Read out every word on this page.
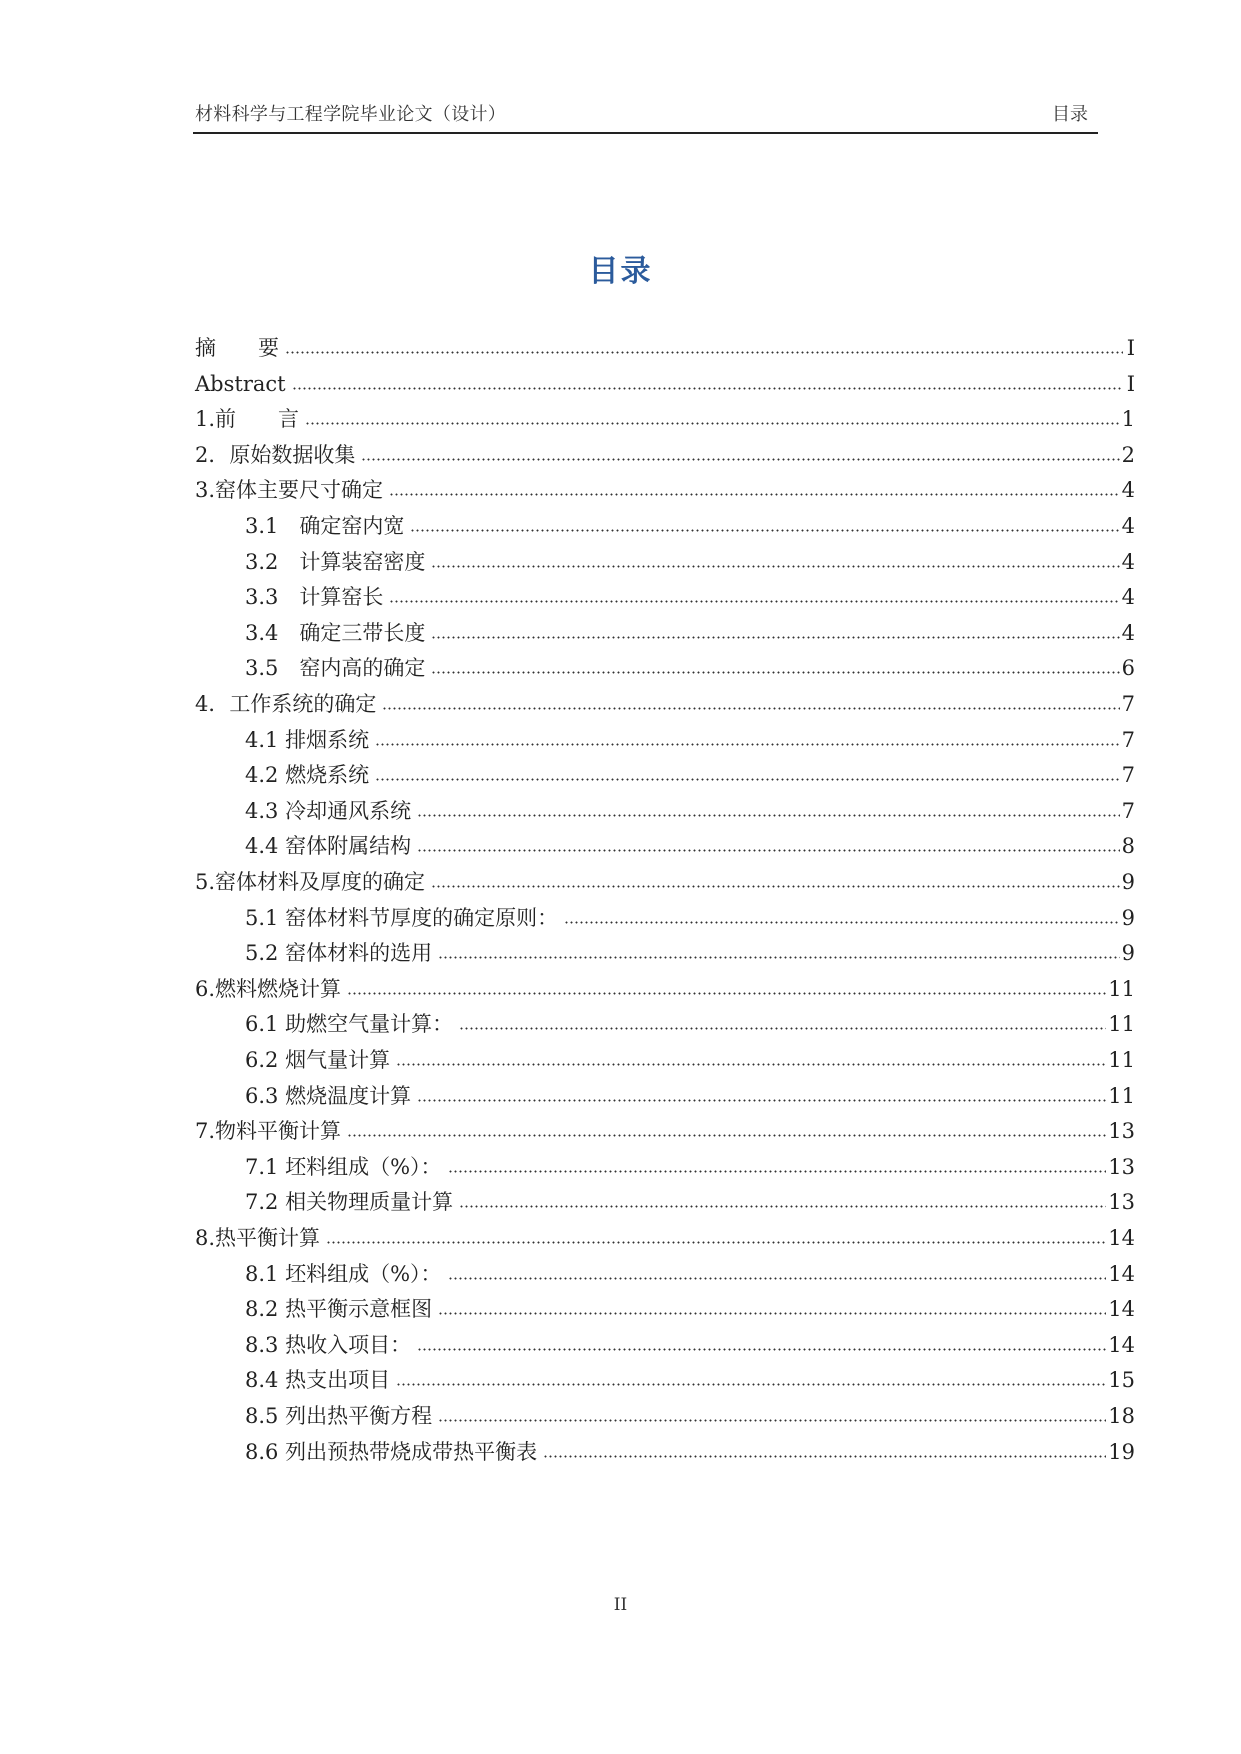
材料科学与工程学院毕业论文（设计）	目录
目录
摘　　要	I
Abstract	I
1.前　　言	1
2．原始数据收集	2
3.窑体主要尺寸确定	4
3.1　确定窑内宽	4
3.2　计算装窑密度	4
3.3　计算窑长	4
3.4　确定三带长度	4
3.5　窑内高的确定	6
4．工作系统的确定	7
4.1 排烟系统	7
4.2 燃烧系统	7
4.3 冷却通风系统	7
4.4 窑体附属结构	8
5.窑体材料及厚度的确定	9
5.1 窑体材料节厚度的确定原则：	9
5.2 窑体材料的选用	9
6.燃料燃烧计算	11
6.1 助燃空气量计算：	11
6.2 烟气量计算	11
6.3 燃烧温度计算	11
7.物料平衡计算	13
7.1 坯料组成（%）：	13
7.2 相关物理质量计算	13
8.热平衡计算	14
8.1 坯料组成（%）：	14
8.2 热平衡示意框图	14
8.3 热收入项目：	14
8.4 热支出项目	15
8.5 列出热平衡方程	18
8.6 列出预热带烧成带热平衡表	19
II
